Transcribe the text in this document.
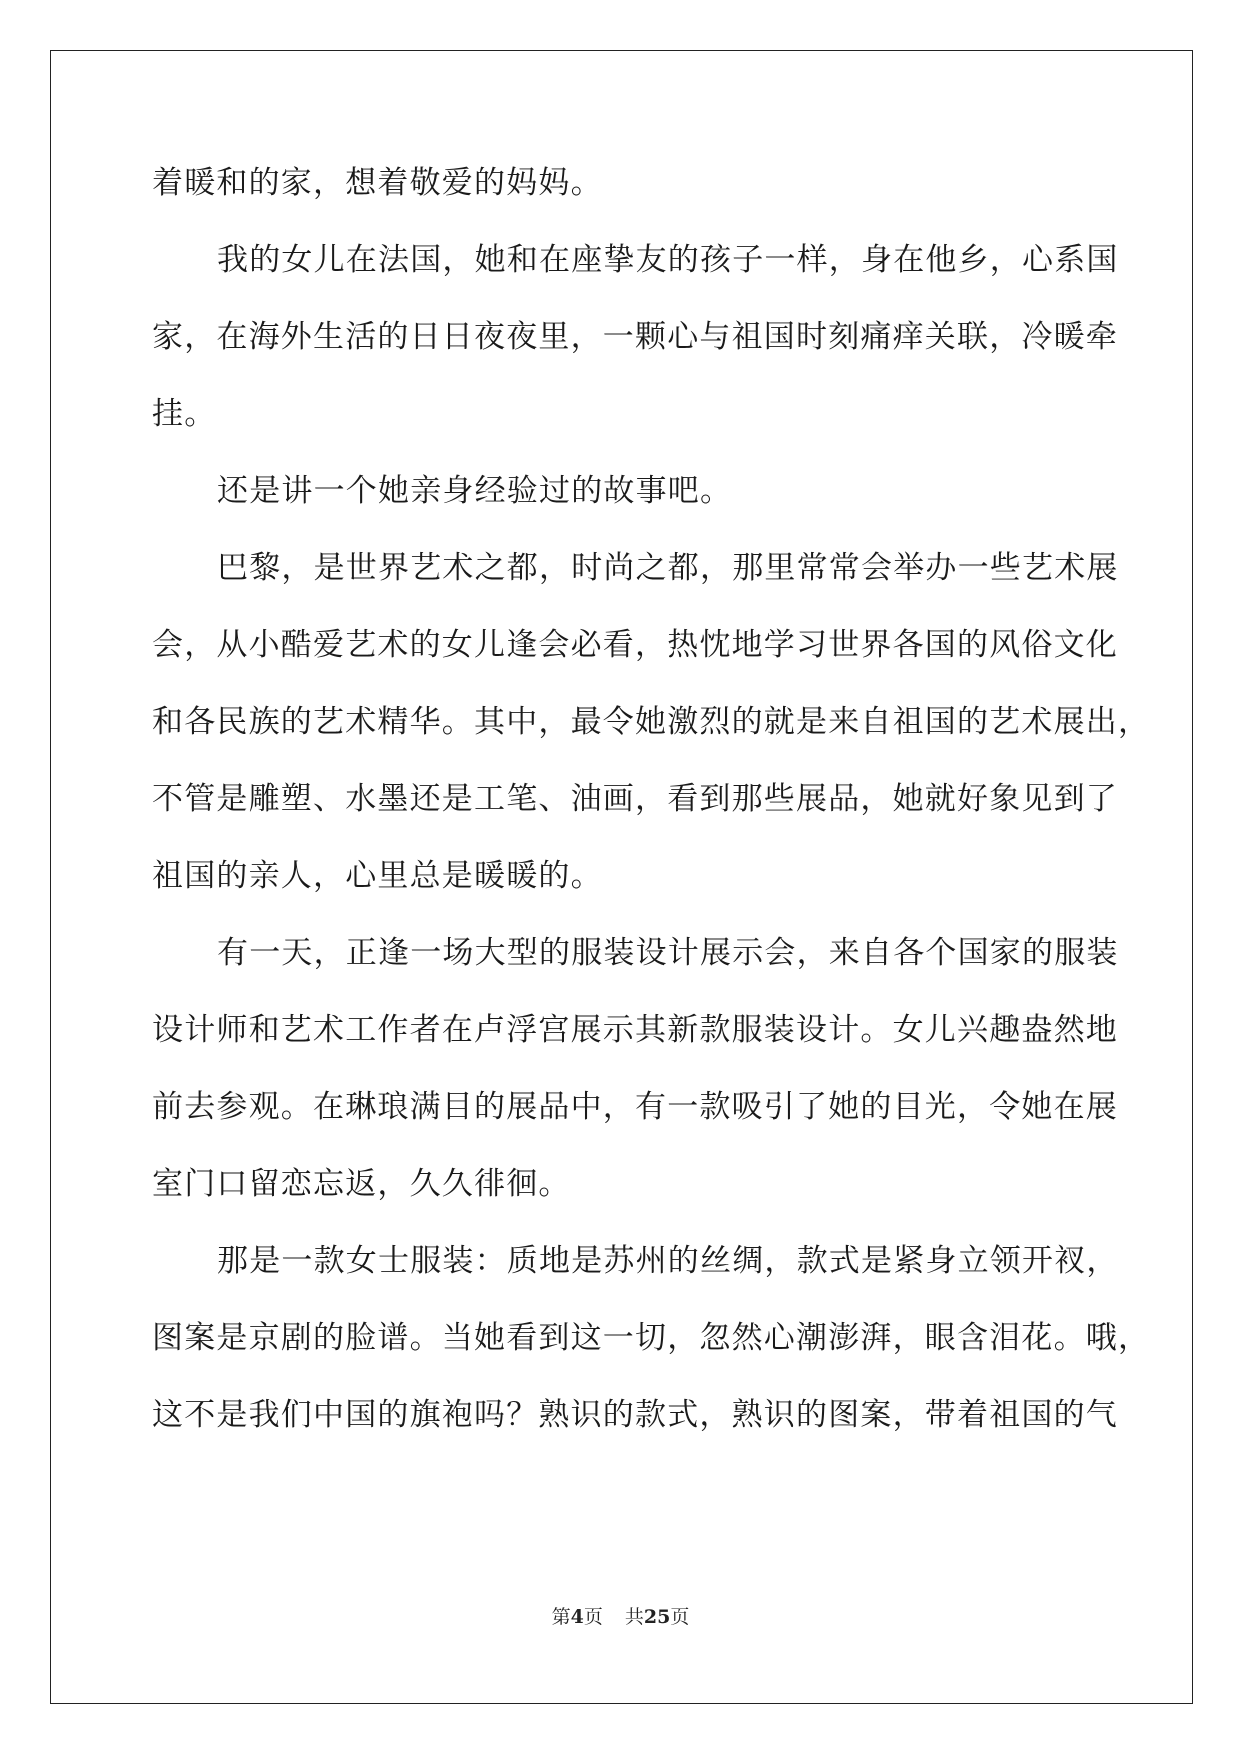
着暖和的家，想着敬爱的妈妈。
我的女儿在法国，她和在座挚友的孩子一样，身在他乡，心系国
家，在海外生活的日日夜夜里，一颗心与祖国时刻痛痒关联，冷暖牵
挂。
还是讲一个她亲身经验过的故事吧。
巴黎，是世界艺术之都，时尚之都，那里常常会举办一些艺术展
会，从小酷爱艺术的女儿逢会必看，热忱地学习世界各国的风俗文化
和各民族的艺术精华。其中，最令她激烈的就是来自祖国的艺术展出，
不管是雕塑、水墨还是工笔、油画，看到那些展品，她就好象见到了
祖国的亲人，心里总是暖暖的。
有一天，正逢一场大型的服装设计展示会，来自各个国家的服装
设计师和艺术工作者在卢浮宫展示其新款服装设计。女儿兴趣盎然地
前去参观。在琳琅满目的展品中，有一款吸引了她的目光，令她在展
室门口留恋忘返，久久徘徊。
那是一款女士服装：质地是苏州的丝绸，款式是紧身立领开衩，
图案是京剧的脸谱。当她看到这一切，忽然心潮澎湃，眼含泪花。哦，
这不是我们中国的旗袍吗？熟识的款式，熟识的图案，带着祖国的气
第4页 共25页
